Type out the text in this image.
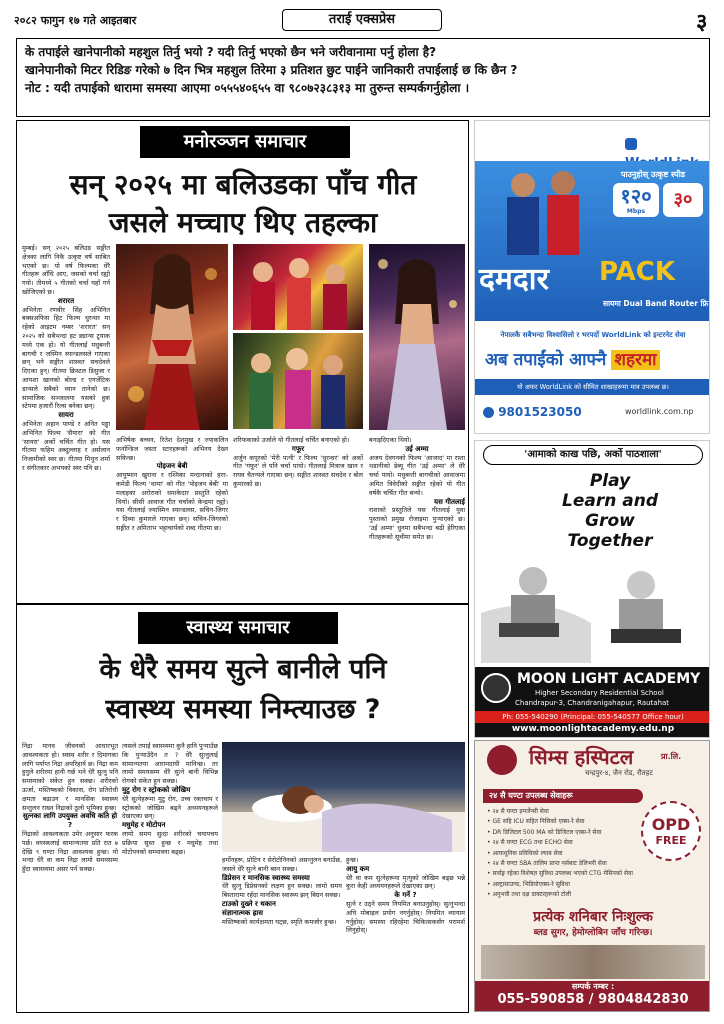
२०८२ फागुन १७ गते आइतबार	तराई एक्सप्रेस	३
के तपाईले खानेपानीको महशुल तिर्नु भयो ? यदी तिर्नु भएको छैन भने जरीवानामा पर्नु होला है?
खानेपानीको मिटर रिडिङ गरेको ७ दिन भित्र महशुल तिरेमा ३ प्रतिशत छुट पाईने जानिकारी तपाईलाई छ कि छैन ?
नोट : यदी तपाईको धारामा समस्या आएमा ०५५५४०६५५ वा ९८०७२३८३१३ मा तुरुन्त सम्पर्कगर्नुहोला ।
मनोरञ्जन समाचार
सन् २०२५ मा बलिउडका पाँच गीत
जसले मच्चाए थिए तहल्का
मुम्बई। सन् २०२५ बलिउड सङ्गीत क्षेत्रका लागि निकै उत्कृष्ट वर्ष साबित भएको छ। यो वर्ष फिल्मका धेरै गीतहरू आँधि आए, जसको चर्चा रह्यो गयो। तीमध्ये ५ गीतको चर्चा यहाँ गर्न खोजिएको छ।
शरारत
अभिनेता रणवीर सिंह अभिनित बक्सअफिस हिट फिल्म धुरन्धर मा रहेको आइटम नम्बर 'शरारत' सन् २०२५ को सबैभन्दा हट ड्यान्स ट्र्याक मध्ये एक हो। यो गीतलाई मधुबन्ती बागची र जस्मिन स्यान्डलसले गाएका छन् भने सङ्गीत शास्वत सचदेवले दिएका हुन्। गीतमा क्रिस्टल डिसुजा र आयशा खानको बोल्ड र एनर्जेटिक डान्सले सबैको ध्यान तानेको छ। सामाजिक सञ्जालमा यसको हुक स्टेपमा हजारौं रिल्स बनेका छन्।
सायरा
अभिनेता अहान पाण्डे र अनित पड्डा अभिनित फिल्म 'सैयारा' को गीत 'सायरा' अर्को चर्चित गीत हो। यस गीतमा फहिम अब्दुल्लाह र अर्सलान निजामीको स्वर छ। गीतमा मिथुन शर्मा र संगीतकार अभयको स्वर पनि छ।
अभिषेक बच्चन, रितेश देशमुख र ज्याकलिन फर्नान्डिज जस्ता स्टारहरूको अभिनय देख्न सकिन्छ।
पोइजन बेबी
आयुष्मान खुराना र रश्मिका मन्दानाको हरर-कमेडी फिल्म 'थामा' को गीत 'पोइजन बेबी' मा मलाइका अरोराको धमाकेदार प्रस्तुति रहेको थियो। सीसी आवाज गीत चर्चाको केन्द्रमा रह्यो। यस गीतलाई ज्यास्मिन स्यान्डलस, सचिन-जिगर र दिव्या कुमारले गाएका छन्। सचिन-जिगरको सङ्गीत र अमिताभ भट्टाचार्यको शब्द गीतमा छ।
शरिफकाको उर्जाले यो गीतलाई चर्चित बनाएको हो।
गफूर
अर्जुन कपूरको 'मेरी पत्नी' र फिल्म 'धुरन्धर' को अर्को गीत 'गफूर' ले पनि चर्चा पायो। गीतलाई मित्राज खान र राघव चैतन्यले गाएका छन्। सङ्गीत शास्वत सचदेव र बोल कुमारको छ।
बनाइदिएका थियो।
उई अम्मा
अजय देवगनको फिल्म 'आजाद' मा राशा थडानीको डेब्यू गीत 'उई अम्मा' ले धेरै चर्चा पायो। मधुबन्ती बागचीको आवाजमा अमित त्रिवेदीको सङ्गीत रहेको यो गीत वर्षकै चर्चित गीत बन्यो।
यस गीतलाई
राशाको प्रस्तुतिले यस गीतलाई युवा पुस्ताको प्रमुख रोजाइमा पुर्‍याएको छ। 'उई अम्मा' धुनमा सबैभन्दा बढी हेरिएका गीतहरूको सूचीमा समेत छ।
स्वास्थ्य समाचार
के धेरै समय सुत्ने बानीले पनि
स्वास्थ्य समस्या निम्त्याउछ ?
निद्रा मानव जीवनको आधारभूत आवश्यकता हो। स्वस्थ शरीर र दिमागका लागि पर्याप्त निद्रा अपरिहार्य छ। निद्रा कम हुनुले शरीरमा हानी गर्छ भने धेरै सुत्नु पनि समस्याको संकेत हुन सक्छ। शरीरको ऊर्जा, मस्तिष्कको विकास, रोग प्रतिरोधी क्षमता बढाउन र मानसिक स्वास्थ्य सन्तुलन राख्न निद्राको ठूलो भूमिका हुन्छ।
सुत्नका लागि उपयुक्त अवधि कति हो ?
निद्राको आवश्यकता उमेर अनुसार फरक पर्छ। वयस्कलाई सामान्यतया प्रति रात ७ देखि ९ घण्टा निद्रा आवश्यक हुन्छ। यो भन्दा धेरै वा कम निद्रा लामो समयसम्म हुँदा स्वास्थ्यमा असर पर्न सक्छ।
त्यसले तपाईं स्वास्थ्यमा कुनै हानि पुर्‍याउँछ कि पुर्‍याउँदैन त ? धेरै सुत्नुलाई सामान्यतया आरामदायी मानिन्छ। तर लामो समयसम्म धेरै सुत्ने बानी विभिन्न रोगको संकेत हुन सक्छ।
मुटु रोग र स्ट्रोकको जोखिम
धेरै सुत्नेहरूमा मुटु रोग, उच्च रक्तचाप र स्ट्रोकको जोखिम बढ्ने अध्ययनहरूले देखाएका छन्।
मधुमेह र मोटोपन
लामो समय सुत्दा शरीरको चयापचय प्रक्रिया सुस्त हुन्छ र मधुमेह तथा मोटोपनको सम्भावना बढ्छ।
हर्मोनहरू, प्रोटिन र सेरोटोनिनको असन्तुलन बनाउँछ, जसले धेरै सुत्ने बानी बस्न सक्छ।
डिप्रेसन र मानसिक स्वास्थ्य समस्या
धेरै सुत्नु डिप्रेसनको लक्षण हुन सक्छ। लामो समय बिस्तारामा रहँदा मानसिक स्वास्थ्य झन् बिग्रन सक्छ।
टाउको दुख्ने र थकान
संज्ञानात्मक ह्रास
मस्तिष्कको कार्यक्षमता घट्छ, स्मृति कमजोर हुन्छ।
हुन्छ।
आयु कम
धेरै वा कम सुत्नेहरूमा मृत्युको जोखिम बढ्छ भन्ने कुरा केही अध्ययनहरूले देखाएका छन्।
के गर्ने ?
सुत्ने र उठ्ने समय नियमित बनाउनुहोस्। सुत्नुभन्दा अघि मोबाइल प्रयोग नगर्नुहोस्। नियमित व्यायाम गर्नुहोस्। समस्या रहिरहेमा चिकित्सकसँग परामर्श लिनुहोस्।
पाउनुहोस् उत्कृष्ट स्पीड
१२०
Mbps
३०
दमदार PACK
सायमा Dual Band Router फ्रि
नेपालकै सबैभन्दा विश्वासिलो र भरपर्दो WorldLink को इन्टरनेट सेवा
अब तपाईंको आफ्नै शहरमा
यो अफर WorldLink को सीमित शाखाहरूमा मात्र उपलब्ध छ।
9801523050	worldlink.com.np
'आमाको काख पछि, अर्को पाठशाला'
Play
Learn and
Grow
Together
MOON LIGHT ACADEMY
Higher Secondary Residential School
Chandrapur-3, Chandranigahapur, Rautahat
Ph: 055-540290 (Principal: 055-540577 Office hour)
www.moonlightacademy.edu.np
सिम्स हस्पिटल	प्रा.लि.
चन्द्रपुर-४, जैन रोड, रौतहट
२४ सै घण्टा उपलब्ध सेवाहरू
• २४ सै घण्टा इमर्जेन्सी सेवा
• GE सहि ICU सहित निसिको एक्स-रे सेवा
• DR डिजिटल 500 MA को डिजिटल एक्स-रे सेवा
• २४ सै घण्टा ECG तथा ECHO सेवा
• अत्याधुनिक प्रविधिको ल्याब सेवा
• २४ सै घण्टा SBA तालिम प्राप्त नर्सबाट डेलिभरी सेवा
• सर्वाङ्ग रहेका विशेषज्ञ सुविधा उपलब्ध भएको CTG मेसिनको सेवा
• अल्ट्रासाउण्ड, भिडियोएक्स-रे सुविधा
• अनुभवी तथा दक्ष डाक्टरहरूको टोली
OPD
FREE
प्रत्येक शनिबार निःशुल्क
ब्लड सुगर, हेमोग्लोबिन जाँच गरिन्छ।
सम्पर्क नम्बर :
055-590858 / 9804842830
